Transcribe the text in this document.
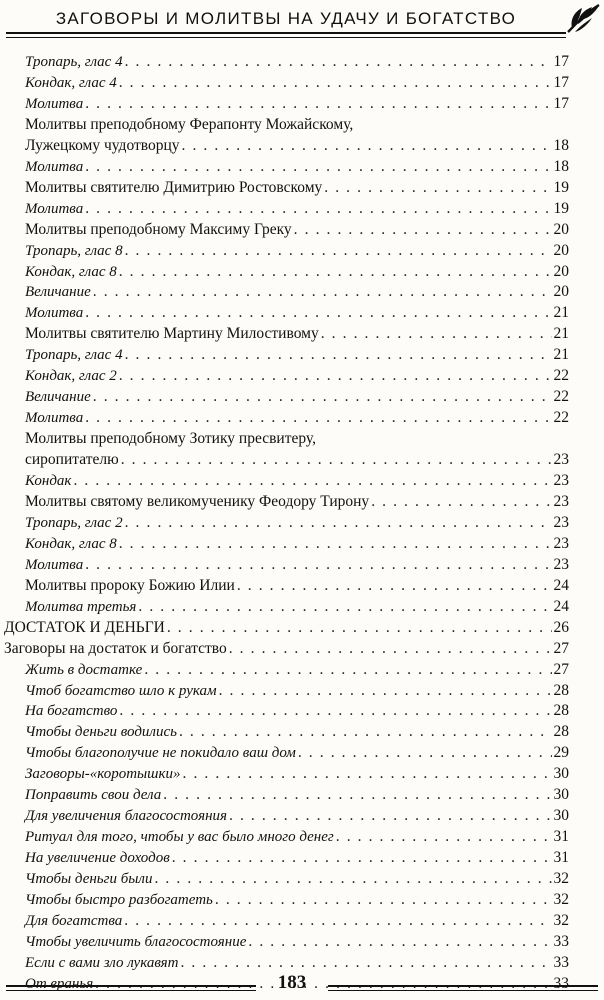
ЗАГОВОРЫ И МОЛИТВЫ НА УДАЧУ И БОГАТСТВО
Тропарь, глас 4 . . .	17
Кондак, глас 4 . . .	17
Молитва . . .	17
Молитвы преподобному Ферапонту Можайскому,
Лужецкому чудотворцу . . .	18
Молитва . . .	18
Молитвы святителю Димитрию Ростовскому . . .	19
Молитва . . .	19
Молитвы преподобному Максиму Греку . . .	20
Тропарь, глас 8 . . .	20
Кондак, глас 8 . . .	20
Величание . . .	20
Молитва . . .	21
Молитвы святителю Мартину Милостивому . . .	21
Тропарь, глас 4 . . .	21
Кондак, глас 2 . . .	22
Величание . . .	22
Молитва . . .	22
Молитвы преподобному Зотику пресвитеру,
сиропитателю . . .	23
Кондак . . .	23
Молитвы святому великомученику Феодору Тирону . . .	23
Тропарь, глас 2 . . .	23
Кондак, глас 8 . . .	23
Молитва . . .	23
Молитвы пророку Божию Илии . . .	24
Молитва третья . . .	24
ДОСТАТОК И ДЕНЬГИ . . .	26
Заговоры на достаток и богатство . . .	27
Жить в достатке . . .	27
Чтоб богатство шло к рукам . . .	28
На богатство . . .	28
Чтобы деньги водились . . .	28
Чтобы благополучие не покидало ваш дом . . .	29
Заговоры-«коротышки» . . .	30
Поправить свои дела . . .	30
Для увеличения благосостояния . . .	30
Ритуал для того, чтобы у вас было много денег . . .	31
На увеличение доходов . . .	31
Чтобы деньги были . . .	32
Чтобы быстро разбогатеть . . .	32
Для богатства . . .	32
Чтобы увеличить благосостояние . . .	33
Если с вами зло лукавят . . .	33
От вранья . . .	33
183
